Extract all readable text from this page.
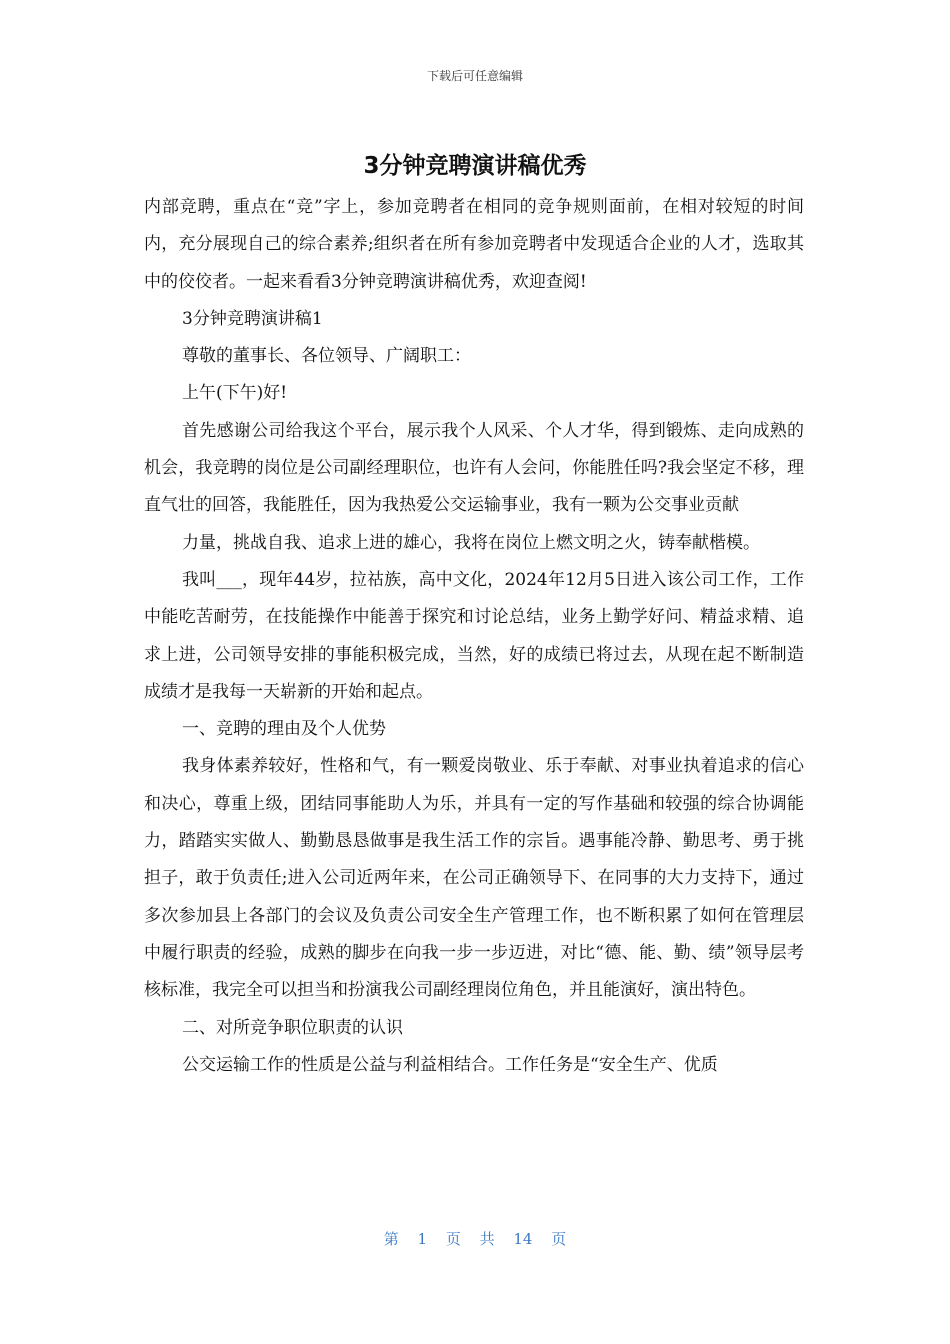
下载后可任意编辑
3分钟竞聘演讲稿优秀

内部竞聘，重点在“竞”字上，参加竞聘者在相同的竞争规则面前，在相对较短的时间内，充分展现自己的综合素养;组织者在所有参加竞聘者中发现适合企业的人才，选取其中的佼佼者。一起来看看3分钟竞聘演讲稿优秀，欢迎查阅!

3分钟竞聘演讲稿1

尊敬的董事长、各位领导、广阔职工：

上午(下午)好!

首先感谢公司给我这个平台，展示我个人风采、个人才华，得到锻炼、走向成熟的机会，我竞聘的岗位是公司副经理职位，也许有人会问，你能胜任吗?我会坚定不移，理直气壮的回答，我能胜任，因为我热爱公交运输事业，我有一颗为公交事业贡献

力量，挑战自我、追求上进的雄心，我将在岗位上燃文明之火，铸奉献楷模。

我叫___，现年44岁，拉祜族，高中文化，2024年12月5日进入该公司工作，工作中能吃苦耐劳，在技能操作中能善于探究和讨论总结，业务上勤学好问、精益求精、追求上进，公司领导安排的事能积极完成，当然，好的成绩已将过去，从现在起不断制造成绩才是我每一天崭新的开始和起点。

一、竞聘的理由及个人优势

我身体素养较好，性格和气，有一颗爱岗敬业、乐于奉献、对事业执着追求的信心和决心，尊重上级，团结同事能助人为乐，并具有一定的写作基础和较强的综合协调能力，踏踏实实做人、勤勤恳恳做事是我生活工作的宗旨。遇事能冷静、勤思考、勇于挑担子，敢于负责任;进入公司近两年来，在公司正确领导下、在同事的大力支持下，通过多次参加县上各部门的会议及负责公司安全生产管理工作，也不断积累了如何在管理层中履行职责的经验，成熟的脚步在向我一步一步迈进，对比“德、能、勤、绩”领导层考核标准，我完全可以担当和扮演我公司副经理岗位角色，并且能演好，演出特色。

二、对所竞争职位职责的认识

公交运输工作的性质是公益与利益相结合。工作任务是“安全生产、优质

第 1 页 共 14 页
